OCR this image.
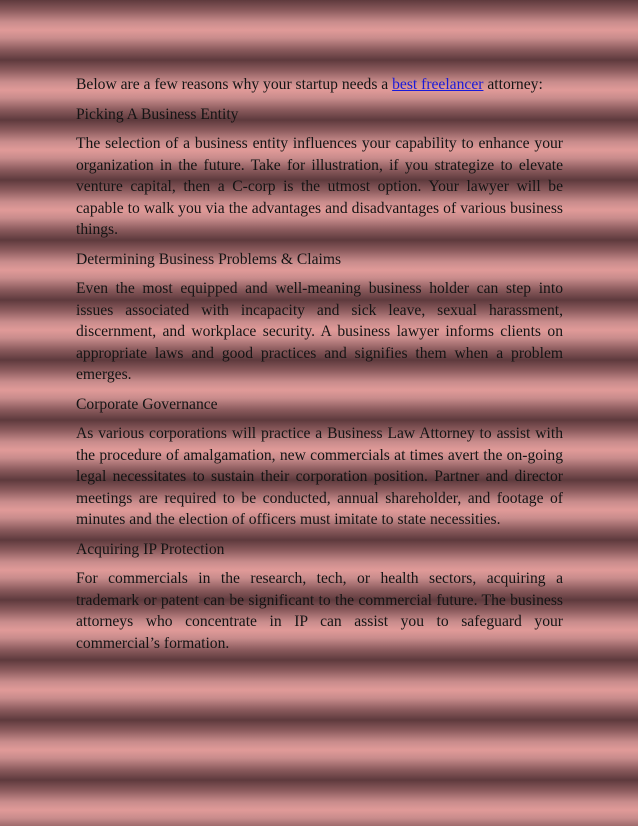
Below are a few reasons why your startup needs a best freelancer attorney:

Picking A Business Entity

The selection of a business entity influences your capability to enhance your organization in the future. Take for illustration, if you strategize to elevate venture capital, then a C-corp is the utmost option. Your lawyer will be capable to walk you via the advantages and disadvantages of various business things.

Determining Business Problems & Claims

Even the most equipped and well-meaning business holder can step into issues associated with incapacity and sick leave, sexual harassment, discernment, and workplace security. A business lawyer informs clients on appropriate laws and good practices and signifies them when a problem emerges.

Corporate Governance

As various corporations will practice a Business Law Attorney to assist with the procedure of amalgamation, new commercials at times avert the on-going legal necessitates to sustain their corporation position. Partner and director meetings are required to be conducted, annual shareholder, and footage of minutes and the election of officers must imitate to state necessities.

Acquiring IP Protection

For commercials in the research, tech, or health sectors, acquiring a trademark or patent can be significant to the commercial future. The business attorneys who concentrate in IP can assist you to safeguard your commercial’s formation.
